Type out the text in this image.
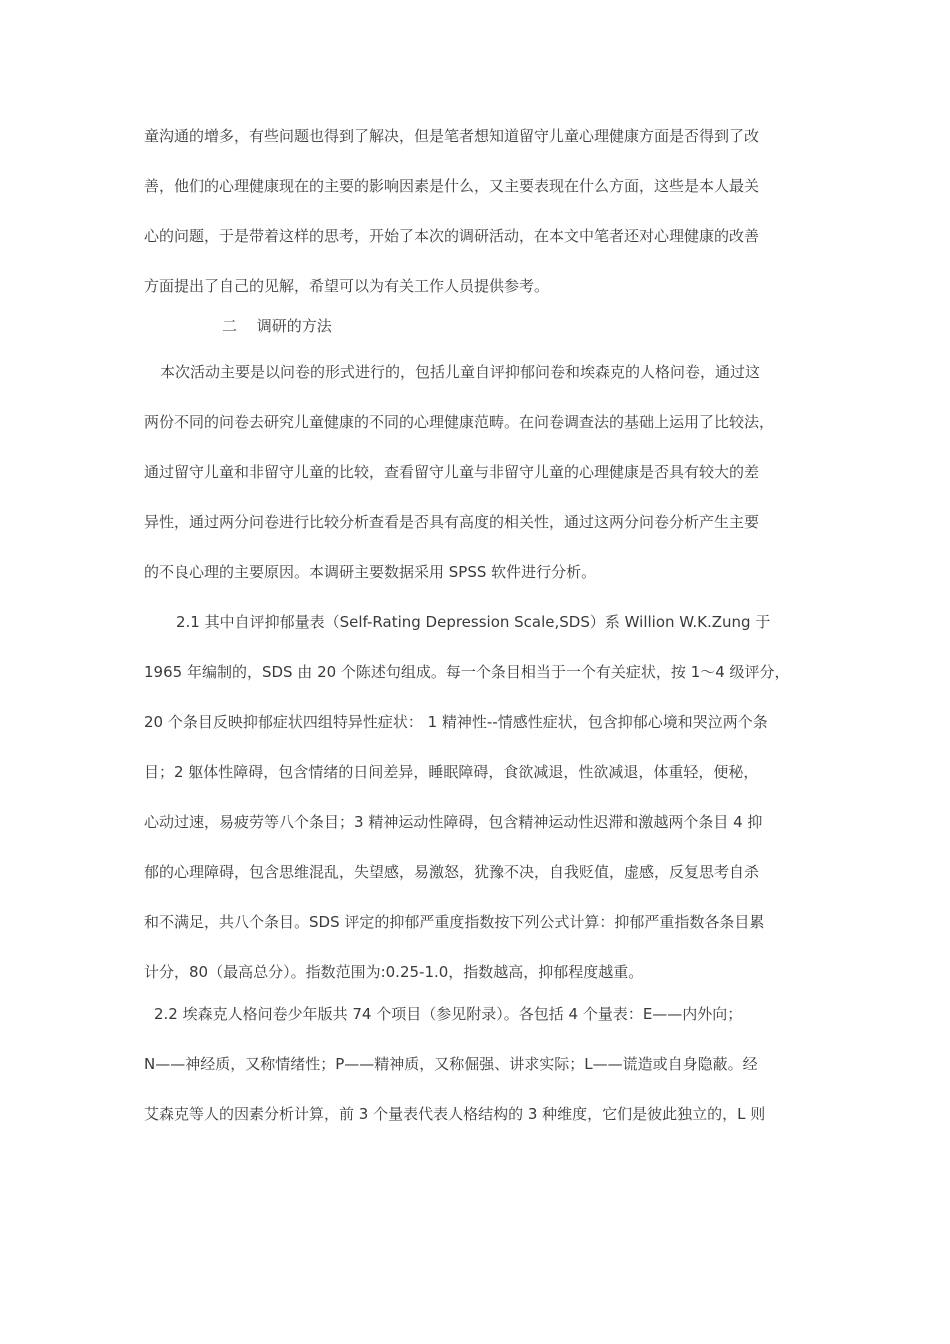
童沟通的增多，有些问题也得到了解决，但是笔者想知道留守儿童心理健康方面是否得到了改
善，他们的心理健康现在的主要的影响因素是什么，又主要表现在什么方面，这些是本人最关
心的问题，于是带着这样的思考，开始了本次的调研活动，在本文中笔者还对心理健康的改善
方面提出了自己的见解，希望可以为有关工作人员提供参考。
二　 调研的方法
本次活动主要是以问卷的形式进行的，包括儿童自评抑郁问卷和埃森克的人格问卷，通过这
两份不同的问卷去研究儿童健康的不同的心理健康范畴。在问卷调查法的基础上运用了比较法，
通过留守儿童和非留守儿童的比较，查看留守儿童与非留守儿童的心理健康是否具有较大的差
异性，通过两分问卷进行比较分析查看是否具有高度的相关性，通过这两分问卷分析产生主要
的不良心理的主要原因。本调研主要数据采用 SPSS 软件进行分析。
2.1 其中自评抑郁量表（Self-Rating Depression Scale,SDS）系 Willion W.K.Zung 于
1965 年编制的，SDS 由 20 个陈述句组成。每一个条目相当于一个有关症状，按 1～4 级评分，
20 个条目反映抑郁症状四组特异性症状： 1 精神性--情感性症状，包含抑郁心境和哭泣两个条
目；2 躯体性障碍，包含情绪的日间差异，睡眠障碍，食欲减退，性欲减退，体重轻，便秘，
心动过速，易疲劳等八个条目；3 精神运动性障碍，包含精神运动性迟滞和激越两个条目 4 抑
郁的心理障碍，包含思维混乱，失望感，易激怒，犹豫不决，自我贬值，虚感，反复思考自杀
和不满足，共八个条目。SDS 评定的抑郁严重度指数按下列公式计算：抑郁严重指数各条目累
计分，80（最高总分）。指数范围为:0.25-1.0，指数越高，抑郁程度越重。
2.2 埃森克人格问卷少年版共 74 个项目（参见附录）。各包括 4 个量表：E——内外向；
N——神经质，又称情绪性；P——精神质，又称倔强、讲求实际；L——谎造或自身隐蔽。经
艾森克等人的因素分析计算，前 3 个量表代表人格结构的 3 种维度，它们是彼此独立的，L 则
